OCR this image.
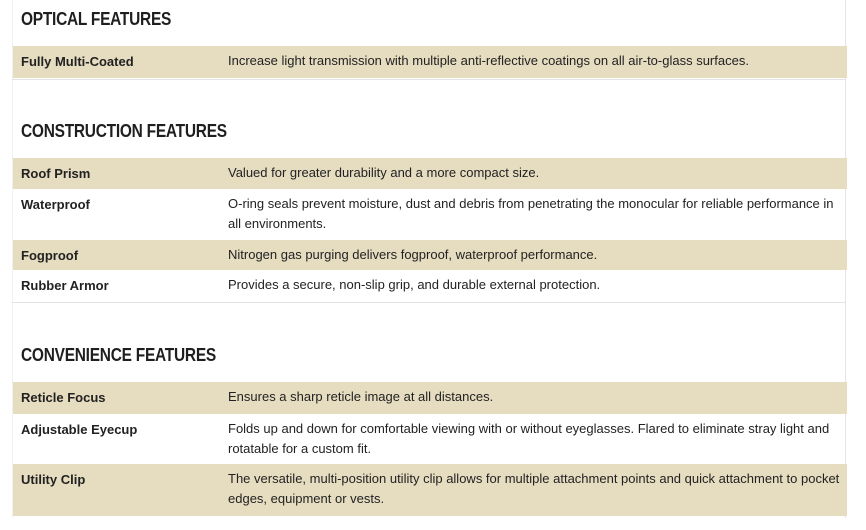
OPTICAL FEATURES
Fully Multi-Coated	Increase light transmission with multiple anti-reflective coatings on all air-to-glass surfaces.
CONSTRUCTION FEATURES
Roof Prism	Valued for greater durability and a more compact size.
Waterproof	O-ring seals prevent moisture, dust and debris from penetrating the monocular for reliable performance in all environments.
Fogproof	Nitrogen gas purging delivers fogproof, waterproof performance.
Rubber Armor	Provides a secure, non-slip grip, and durable external protection.
CONVENIENCE FEATURES
Reticle Focus	Ensures a sharp reticle image at all distances.
Adjustable Eyecup	Folds up and down for comfortable viewing with or without eyeglasses. Flared to eliminate stray light and rotatable for a custom fit.
Utility Clip	The versatile, multi-position utility clip allows for multiple attachment points and quick attachment to pocket edges, equipment or vests.
